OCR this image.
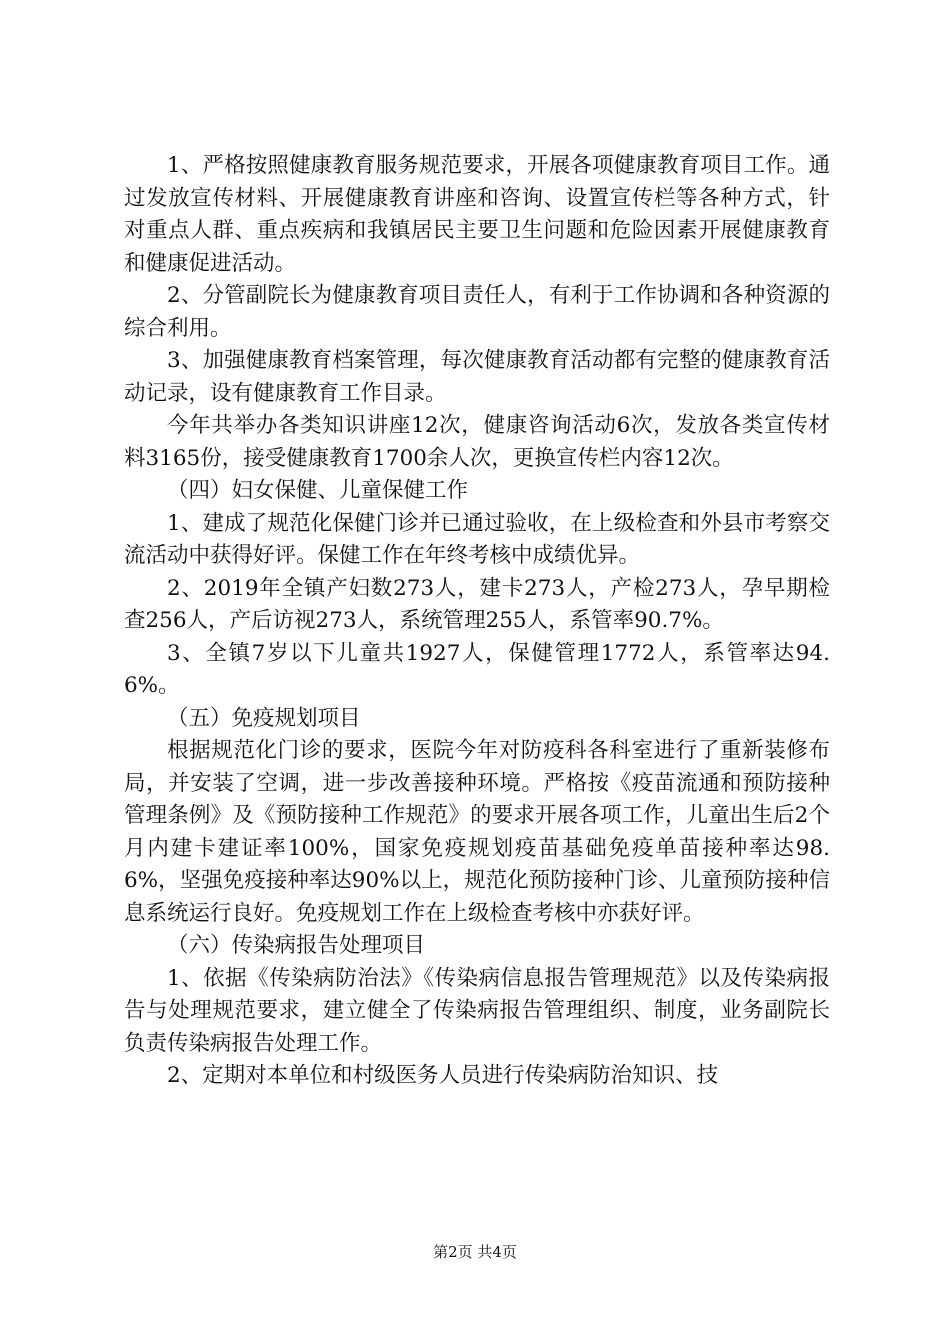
1、严格按照健康教育服务规范要求，开展各项健康教育项目工作。通过发放宣传材料、开展健康教育讲座和咨询、设置宣传栏等各种方式，针对重点人群、重点疾病和我镇居民主要卫生问题和危险因素开展健康教育和健康促进活动。

2、分管副院长为健康教育项目责任人，有利于工作协调和各种资源的综合利用。

3、加强健康教育档案管理，每次健康教育活动都有完整的健康教育活动记录，设有健康教育工作目录。

今年共举办各类知识讲座12次，健康咨询活动6次，发放各类宣传材料3165份，接受健康教育1700余人次，更换宣传栏内容12次。

（四）妇女保健、儿童保健工作

1、建成了规范化保健门诊并已通过验收，在上级检查和外县市考察交流活动中获得好评。保健工作在年终考核中成绩优异。

2、2019年全镇产妇数273人，建卡273人，产检273人，孕早期检查256人，产后访视273人，系统管理255人，系管率90.7%。

3、全镇7岁以下儿童共1927人，保健管理1772人，系管率达94.6%。

（五）免疫规划项目

根据规范化门诊的要求，医院今年对防疫科各科室进行了重新装修布局，并安装了空调，进一步改善接种环境。严格按《疫苗流通和预防接种管理条例》及《预防接种工作规范》的要求开展各项工作，儿童出生后2个月内建卡建证率100%，国家免疫规划疫苗基础免疫单苗接种率达98.6%，坚强免疫接种率达90%以上，规范化预防接种门诊、儿童预防接种信息系统运行良好。免疫规划工作在上级检查考核中亦获好评。

（六）传染病报告处理项目

1、依据《传染病防治法》《传染病信息报告管理规范》以及传染病报告与处理规范要求，建立健全了传染病报告管理组织、制度，业务副院长负责传染病报告处理工作。

2、定期对本单位和村级医务人员进行传染病防治知识、技

第2页 共4页
